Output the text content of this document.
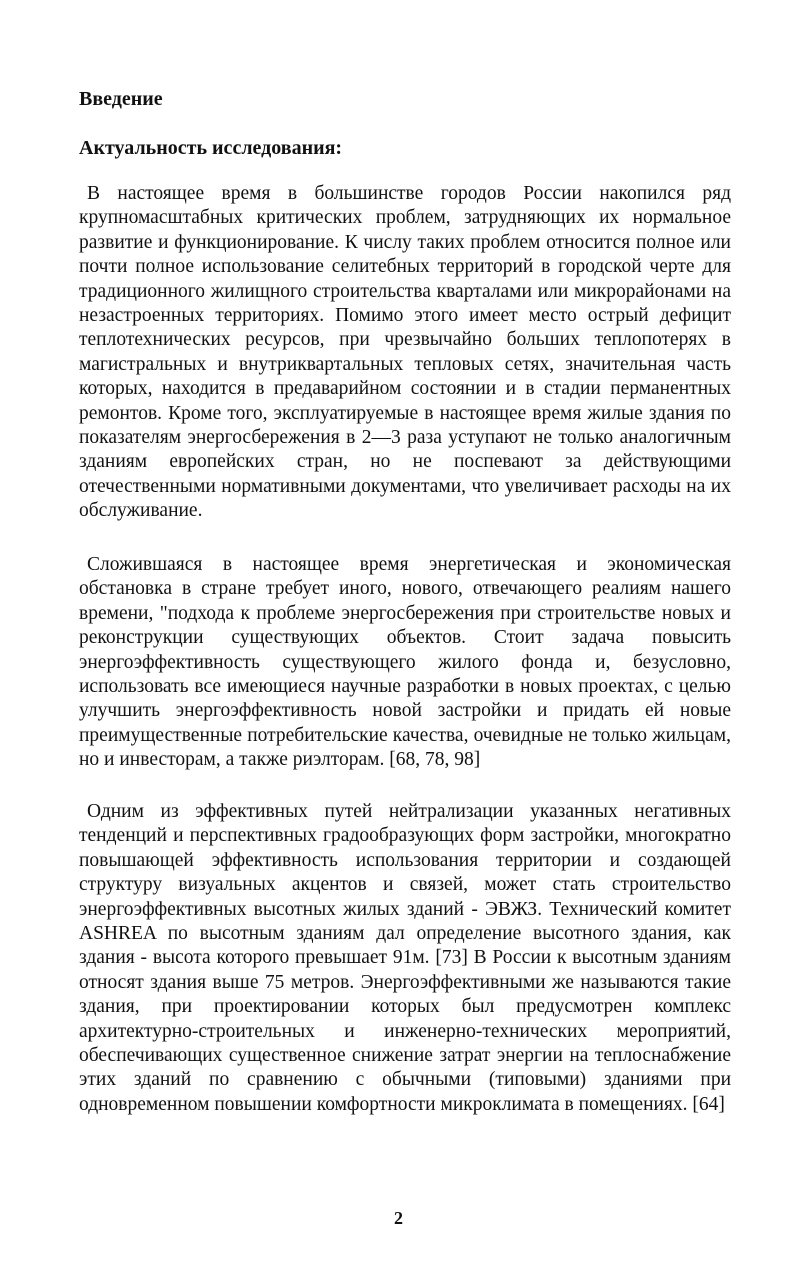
Введение
Актуальность исследования:

В настоящее время в большинстве городов России накопился ряд крупномасштабных критических проблем, затрудняющих их нормальное развитие и функционирование. К числу таких проблем относится полное или почти полное использование селитебных территорий в городской черте для традиционного жилищного строительства кварталами или микрорайонами на незастроенных территориях. Помимо этого имеет место острый дефицит теплотехнических ресурсов, при чрезвычайно больших теплопотерях в магистральных и внутриквартальных тепловых сетях, значительная часть которых, находится в предаварийном состоянии и в стадии перманентных ремонтов. Кроме того, эксплуатируемые в настоящее время жилые здания по показателям энергосбережения в 2—3 раза уступают не только аналогичным зданиям европейских стран, но не поспевают за действующими отечественными нормативными документами, что увеличивает расходы на их обслуживание.

Сложившаяся в настоящее время энергетическая и экономическая обстановка в стране требует иного, нового, отвечающего реалиям нашего времени, "подхода к проблеме энергосбережения при строительстве новых и реконструкции существующих объектов. Стоит задача повысить энергоэффективность существующего жилого фонда и, безусловно, использовать все имеющиеся научные разработки в новых проектах, с целью улучшить энергоэффективность новой застройки и придать ей новые преимущественные потребительские качества, очевидные не только жильцам, но и инвесторам, а также риэлторам. [68, 78, 98]

Одним из эффективных путей нейтрализации указанных негативных тенденций и перспективных градообразующих форм застройки, многократно повышающей эффективность использования территории и создающей структуру визуальных акцентов и связей, может стать строительство энергоэффективных высотных жилых зданий - ЭВЖЗ. Технический комитет ASHREA по высотным зданиям дал определение высотного здания, как здания - высота которого превышает 91м. [73] В России к высотным зданиям относят здания выше 75 метров. Энергоэффективными же называются такие здания, при проектировании которых был предусмотрен комплекс архитектурно-строительных и инженерно-технических мероприятий, обеспечивающих существенное снижение затрат энергии на теплоснабжение этих зданий по сравнению с обычными (типовыми) зданиями при одновременном повышении комфортности микроклимата в помещениях. [64]

2
